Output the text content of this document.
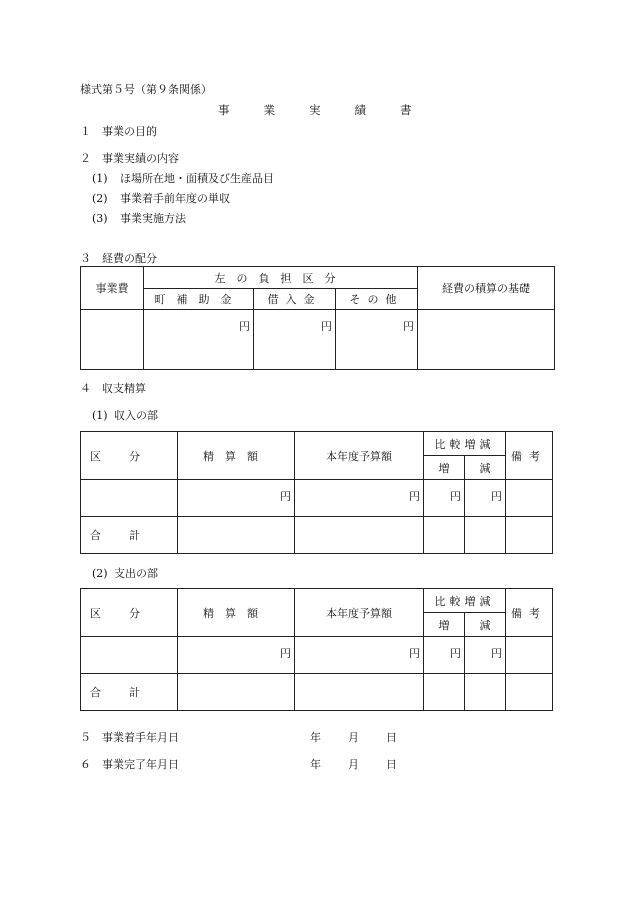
様式第５号（第９条関係）
事業実績書
１ 事業の目的
２ 事業実績の内容
(1) ほ場所在地・面積及び生産品目
(2) 事業着手前年度の単収
(3) 事業実施方法
３ 経費の配分
事業費	左の負担区分			経費の積算の基礎
	町補助金	借入金	その他	
	円	円	円	
４ 収支精算
(1) 収入の部
区分	精算額	本年度予算額	比較増減		備考
			増	減	
	円	円	円	円	
合計					
(2) 支出の部
区分	精算額	本年度予算額	比較増減		備考
			増	減	
	円	円	円	円	
合計					
５ 事業着手年月日	年 月 日
６ 事業完了年月日	年 月 日
